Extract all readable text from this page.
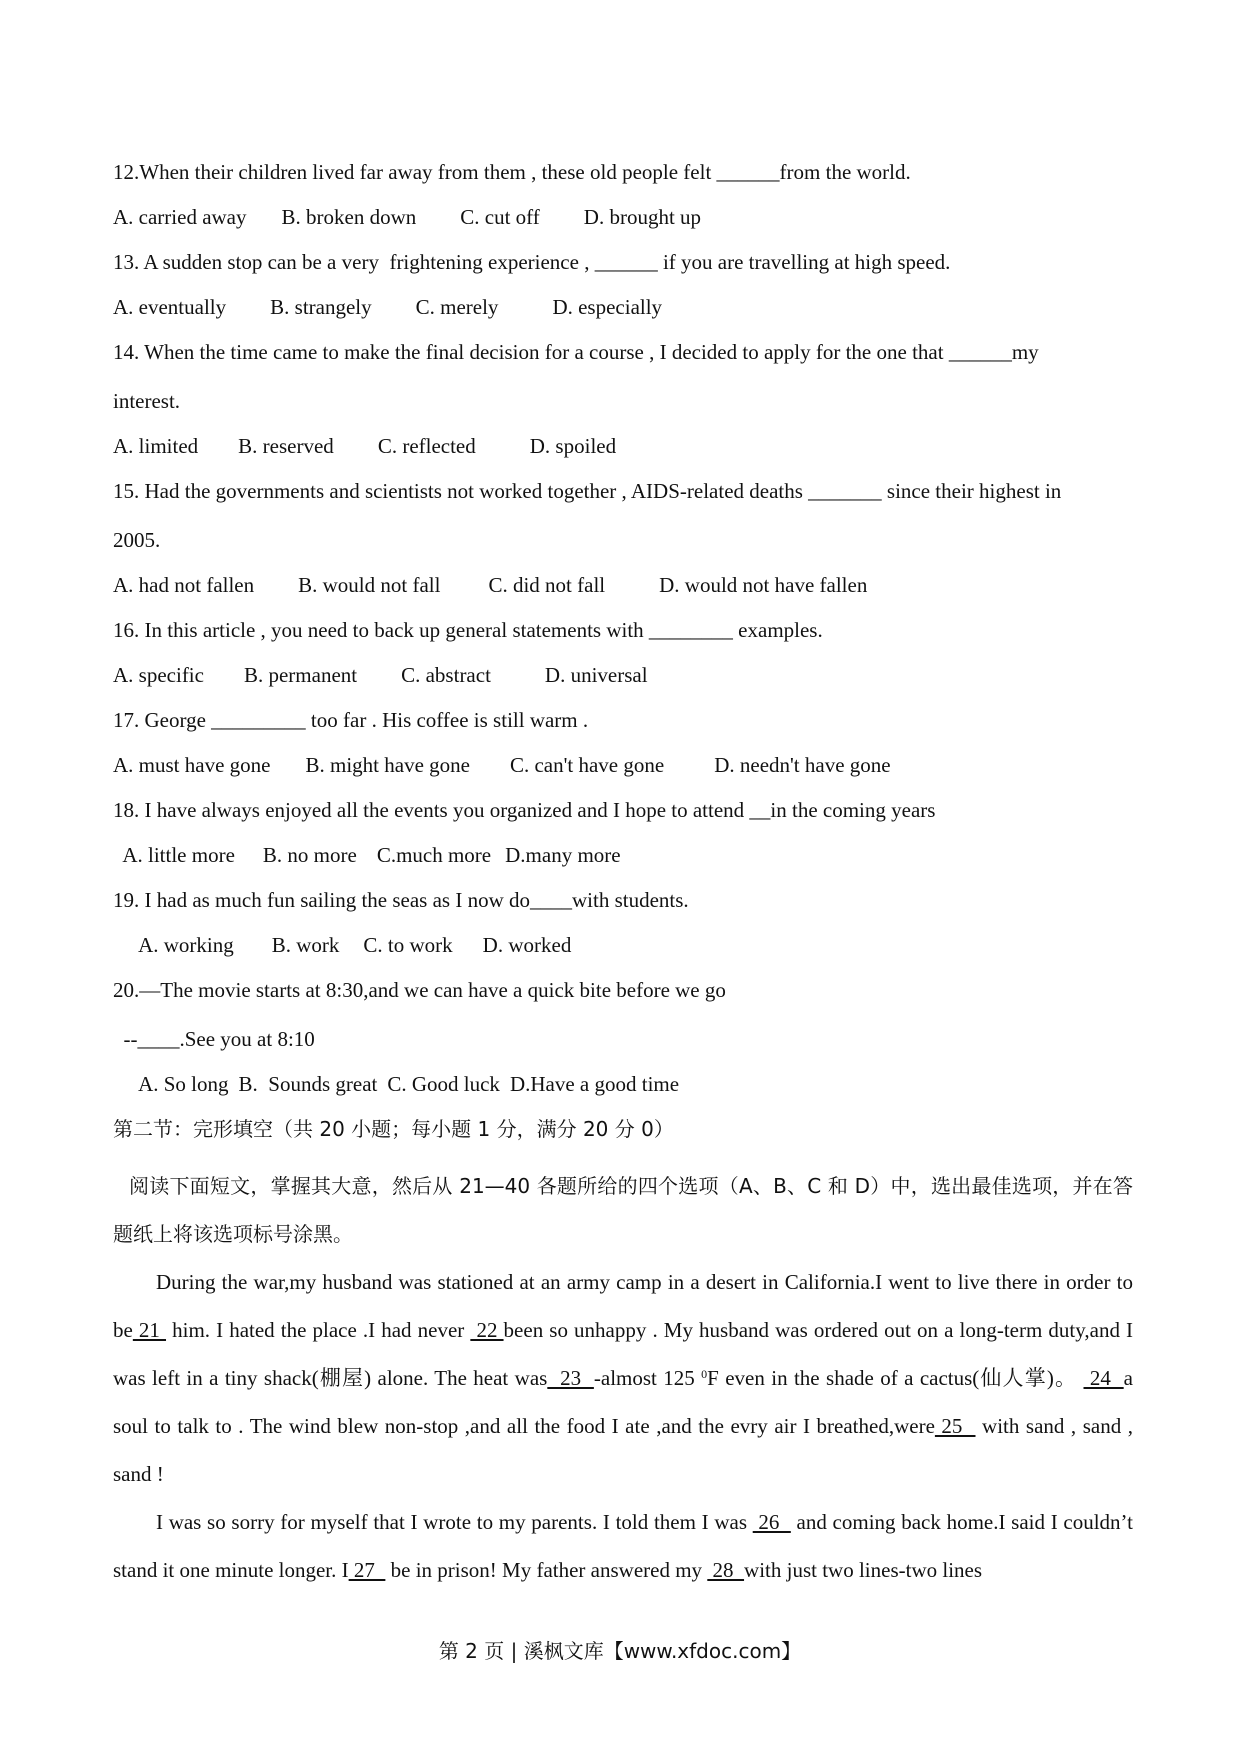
12.When their children lived far away from them , these old people felt ______from the world.
A. carried away B. broken down C. cut off D. brought up
13. A sudden stop can be a very  frightening experience , ______ if you are travelling at high speed.
A. eventually B. strangely C. merely	D. especially
14. When the time came to make the final decision for a course , I decided to apply for the one that ______my
interest.
A. limited B. reserved C. reflected	D. spoiled
15. Had the governments and scientists not worked together , AIDS-related deaths _______ since their highest in
2005.
A. had not fallen B. would not fall C. did not fall	D. would not have fallen
16. In this article , you need to back up general statements with ________ examples.
A. specific B. permanent C. abstract	D. universal
17. George _________ too far . His coffee is still warm .
A. must have gone B. might have gone C. can't have gone D. needn't have gone
18. I have always enjoyed all the events you organized and I hope to attend __in the coming years
A. little more B. no more C.much more D.many more
19. I had as much fun sailing the seas as I now do____with students.
A. working B. work C. to work D. worked
20.—The movie starts at 8:30,and we can have a quick bite before we go
--____.See you at 8:10
A. So long B.  Sounds great C. Good luck D.Have a good time
第二节：完形填空（共 20 小题；每小题 1 分，满分 20 分 0）

阅读下面短文，掌握其大意，然后从 21—40 各题所给的四个选项（A、B、C 和 D）中，选出最佳选项，并在答题纸上将该选项标号涂黑。

During the war,my husband was stationed at an army camp in a desert in California.I went to live there in order to be 21  him. I hated the place .I had never  22 been so unhappy . My husband was ordered out on a long-term duty,and I was left in a tiny shack(棚屋) alone. The heat was  23  -almost 125 $^0$F even in the shade of a cactus(仙人掌)。  24  a soul to talk to . The wind blew non-stop ,and all the food I ate ,and the evry air I breathed,were 25   with sand , sand , sand !

I was so sorry for myself that I wrote to my parents. I told them I was  26   and coming back home.I said I couldn’t stand it one minute longer. I 27   be in prison! My father answered my  28  with just two lines-two lines

第 2 页 | 溪枫文库【www.xfdoc.com】
